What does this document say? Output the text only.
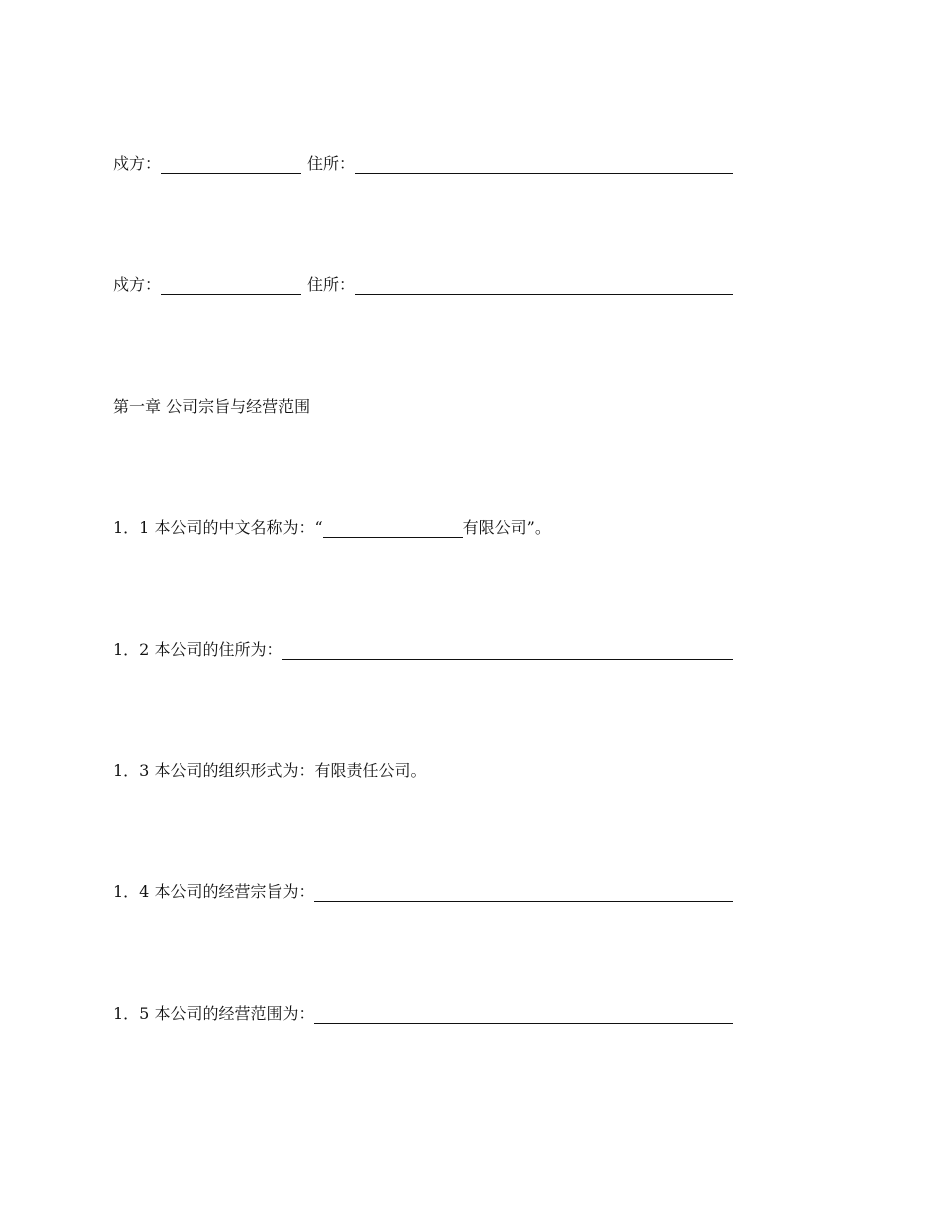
戍方：	住所：
戍方：	住所：
第一章 公司宗旨与经营范围
1．1 本公司的中文名称为：“	有限公司”。
1．2 本公司的住所为：
1．3 本公司的组织形式为：有限责任公司。
1．4 本公司的经营宗旨为：
1．5 本公司的经营范围为：
